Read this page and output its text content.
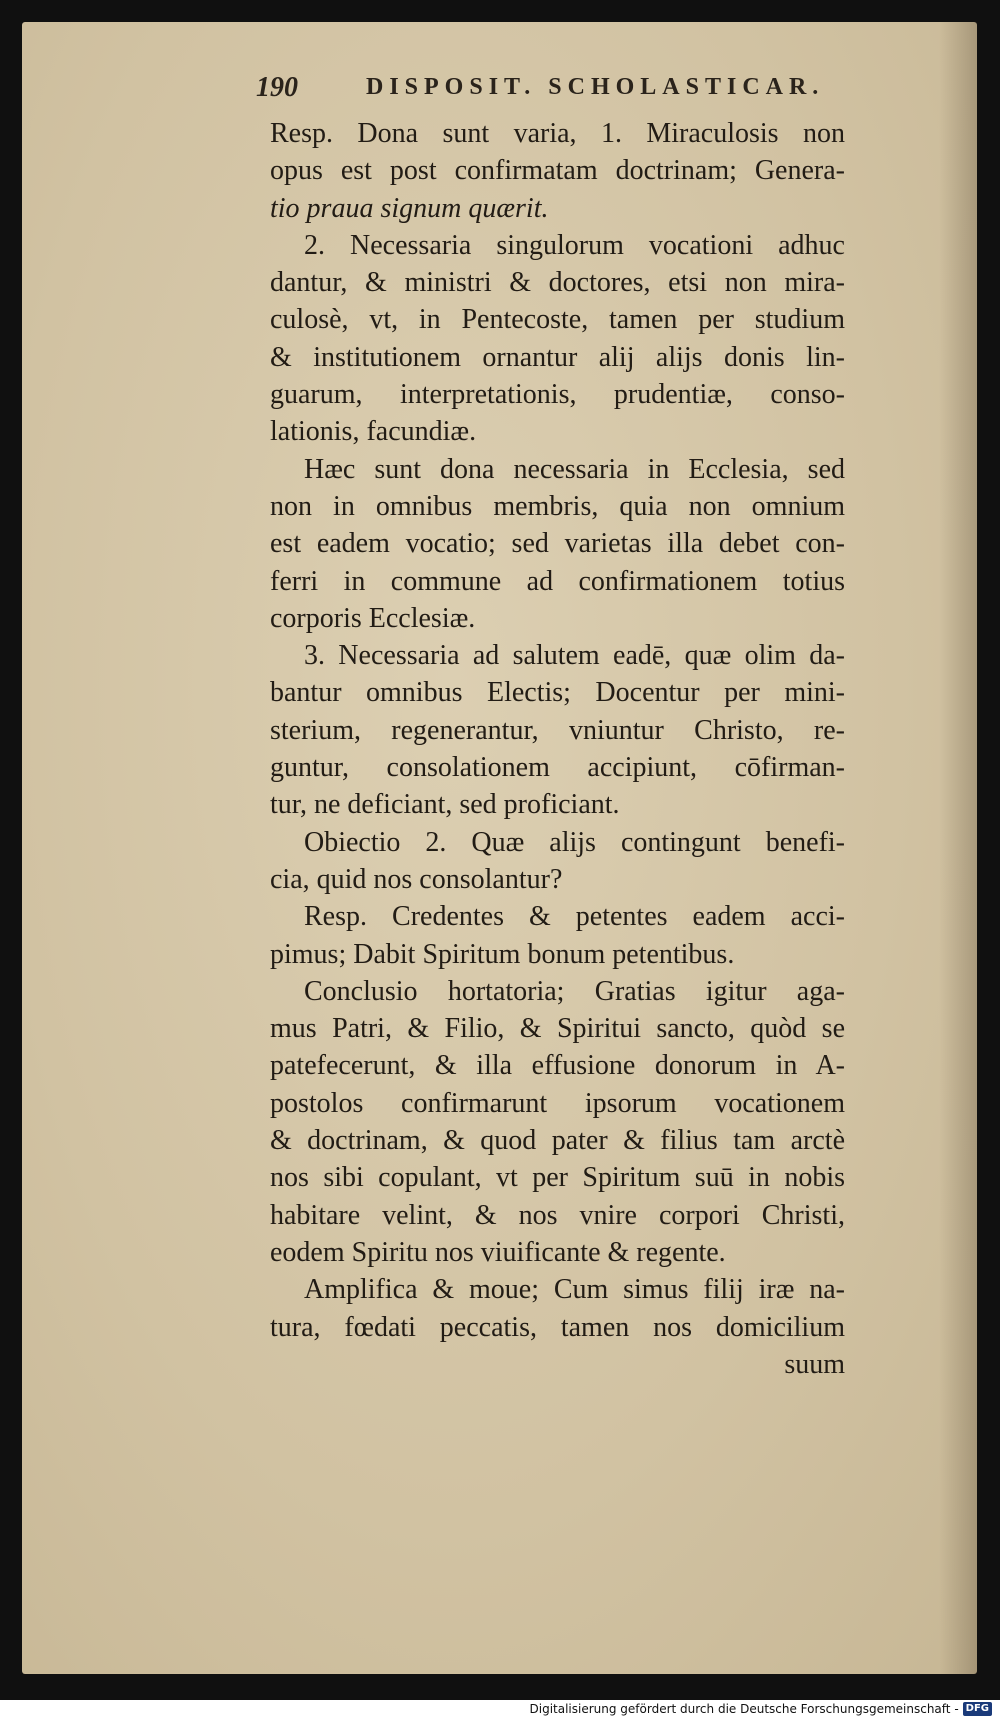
190	DISPOSIT. SCHOLASTICAR.
Resp. Dona sunt varia, 1. Miraculosis non
opus est post confirmatam doctrinam; Genera-
tio praua signum quærit.
2. Necessaria singulorum vocationi adhuc
dantur, & ministri & doctores, etsi non mira-
culosè, vt, in Pentecoste, tamen per studium
& institutionem ornantur alij alijs donis lin-
guarum, interpretationis, prudentiæ, conso-
lationis, facundiæ.
Hæc sunt dona necessaria in Ecclesia, sed
non in omnibus membris, quia non omnium
est eadem vocatio; sed varietas illa debet con-
ferri in commune ad confirmationem totius
corporis Ecclesiæ.
3. Necessaria ad salutem eadē, quæ olim da-
bantur omnibus Electis; Docentur per mini-
sterium, regenerantur, vniuntur Christo, re-
guntur, consolationem accipiunt, cōfirman-
tur, ne deficiant, sed proficiant.
Obiectio 2. Quæ alijs contingunt benefi-
cia, quid nos consolantur?
Resp. Credentes & petentes eadem acci-
pimus; Dabit Spiritum bonum petentibus.
Conclusio hortatoria; Gratias igitur aga-
mus Patri, & Filio, & Spiritui sancto, quòd se
patefecerunt, & illa effusione donorum in A-
postolos confirmarunt ipsorum vocationem
& doctrinam, & quod pater & filius tam arctè
nos sibi copulant, vt per Spiritum suū in nobis
habitare velint, & nos vnire corpori Christi,
eodem Spiritu nos viuificante & regente.
Amplifica & moue; Cum simus filij iræ na-
tura, fœdati peccatis, tamen nos domicilium
suum
Digitalisierung gefördert durch die Deutsche Forschungsgemeinschaft - DFG
